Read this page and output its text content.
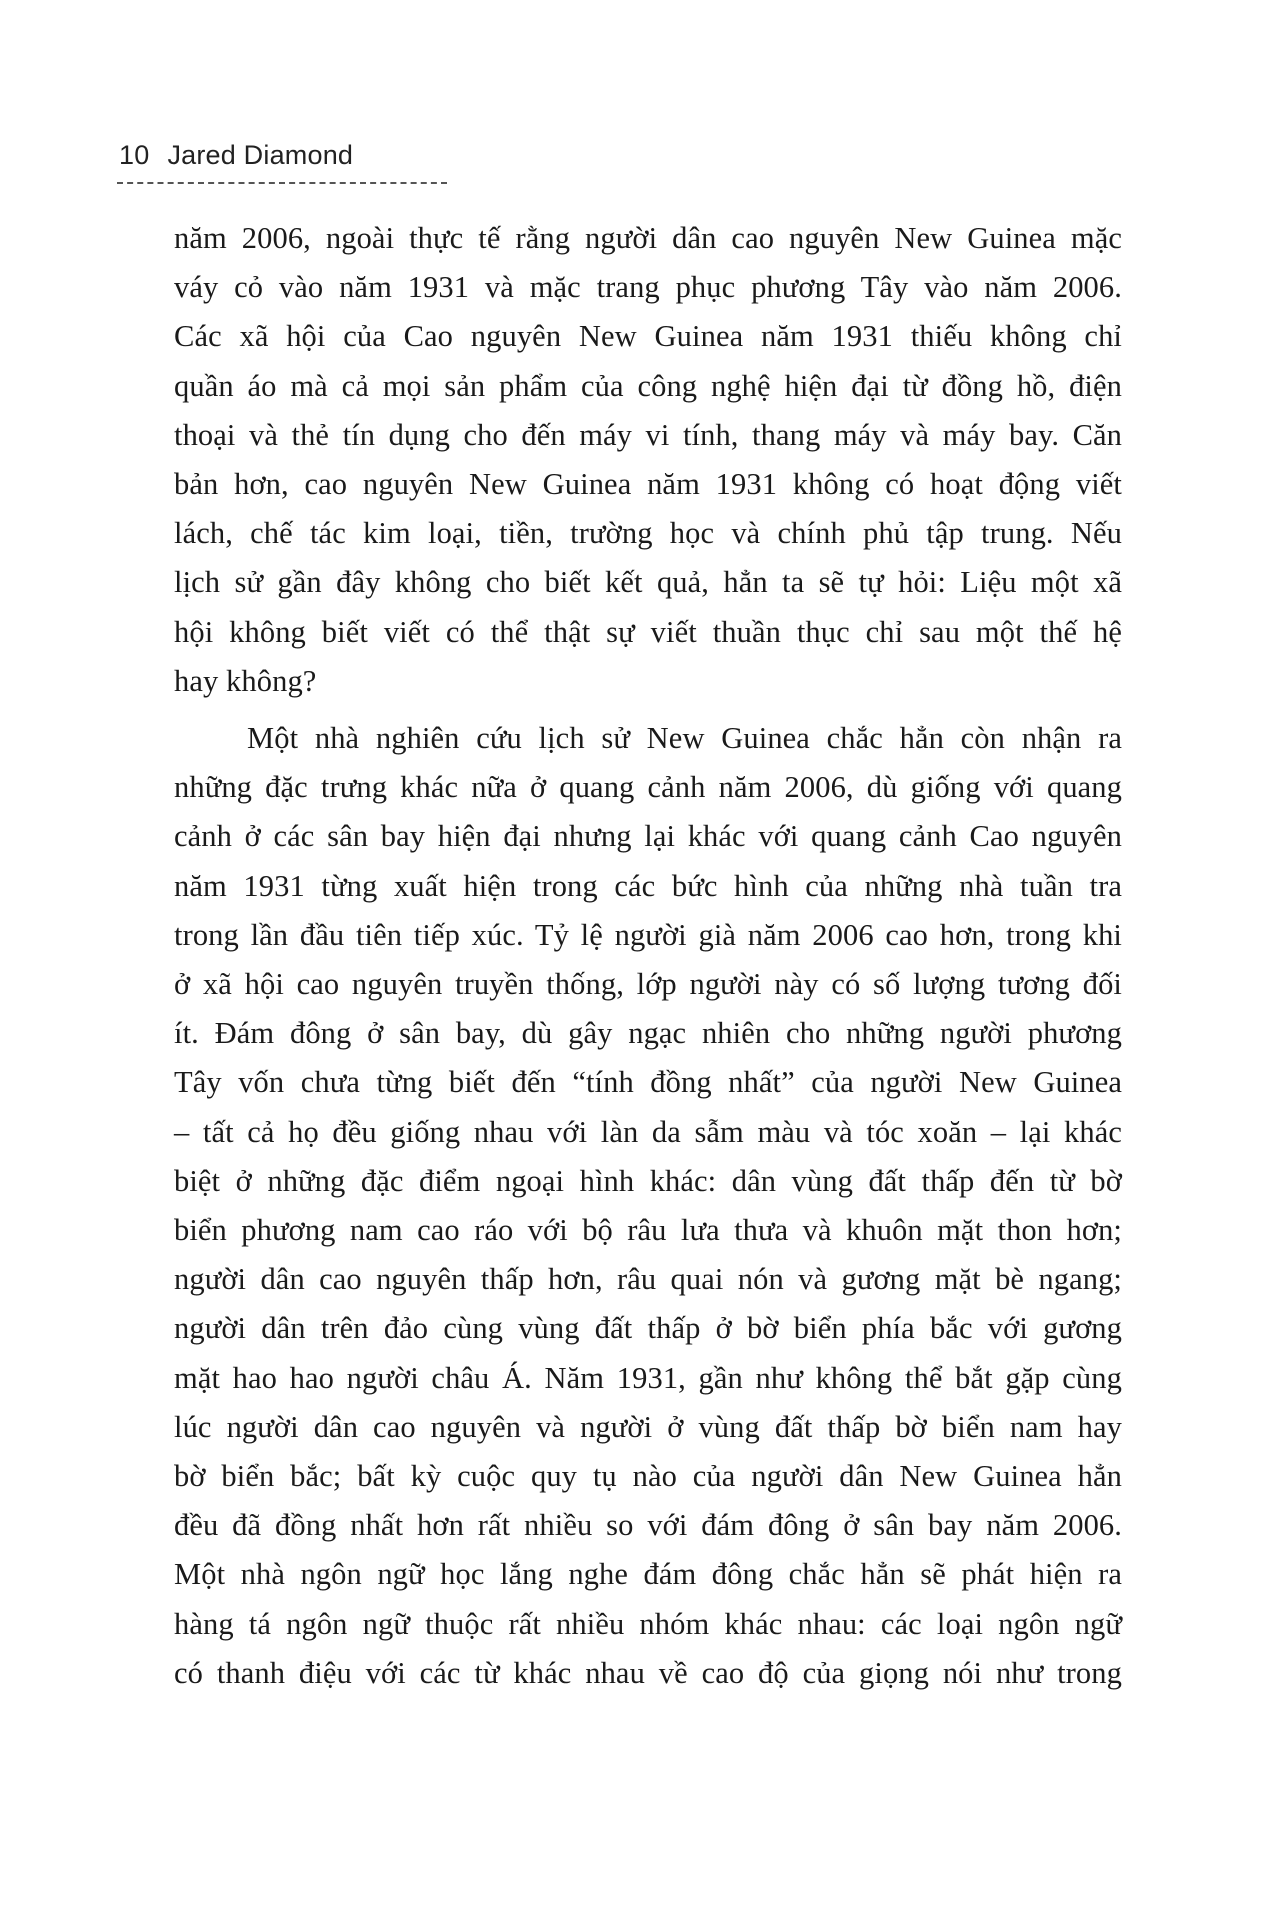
10 Jared Diamond

năm 2006, ngoài thực tế rằng người dân cao nguyên New Guinea mặc
váy cỏ vào năm 1931 và mặc trang phục phương Tây vào năm 2006.
Các xã hội của Cao nguyên New Guinea năm 1931 thiếu không chỉ
quần áo mà cả mọi sản phẩm của công nghệ hiện đại từ đồng hồ, điện
thoại và thẻ tín dụng cho đến máy vi tính, thang máy và máy bay. Căn
bản hơn, cao nguyên New Guinea năm 1931 không có hoạt động viết
lách, chế tác kim loại, tiền, trường học và chính phủ tập trung. Nếu
lịch sử gần đây không cho biết kết quả, hẳn ta sẽ tự hỏi: Liệu một xã
hội không biết viết có thể thật sự viết thuần thục chỉ sau một thế hệ
hay không?

Một nhà nghiên cứu lịch sử New Guinea chắc hẳn còn nhận ra
những đặc trưng khác nữa ở quang cảnh năm 2006, dù giống với quang
cảnh ở các sân bay hiện đại nhưng lại khác với quang cảnh Cao nguyên
năm 1931 từng xuất hiện trong các bức hình của những nhà tuần tra
trong lần đầu tiên tiếp xúc. Tỷ lệ người già năm 2006 cao hơn, trong khi
ở xã hội cao nguyên truyền thống, lớp người này có số lượng tương đối
ít. Đám đông ở sân bay, dù gây ngạc nhiên cho những người phương
Tây vốn chưa từng biết đến “tính đồng nhất” của người New Guinea
– tất cả họ đều giống nhau với làn da sẫm màu và tóc xoăn – lại khác
biệt ở những đặc điểm ngoại hình khác: dân vùng đất thấp đến từ bờ
biển phương nam cao ráo với bộ râu lưa thưa và khuôn mặt thon hơn;
người dân cao nguyên thấp hơn, râu quai nón và gương mặt bè ngang;
người dân trên đảo cùng vùng đất thấp ở bờ biển phía bắc với gương
mặt hao hao người châu Á. Năm 1931, gần như không thể bắt gặp cùng
lúc người dân cao nguyên và người ở vùng đất thấp bờ biển nam hay
bờ biển bắc; bất kỳ cuộc quy tụ nào của người dân New Guinea hẳn
đều đã đồng nhất hơn rất nhiều so với đám đông ở sân bay năm 2006.
Một nhà ngôn ngữ học lắng nghe đám đông chắc hẳn sẽ phát hiện ra
hàng tá ngôn ngữ thuộc rất nhiều nhóm khác nhau: các loại ngôn ngữ
có thanh điệu với các từ khác nhau về cao độ của giọng nói như trong
